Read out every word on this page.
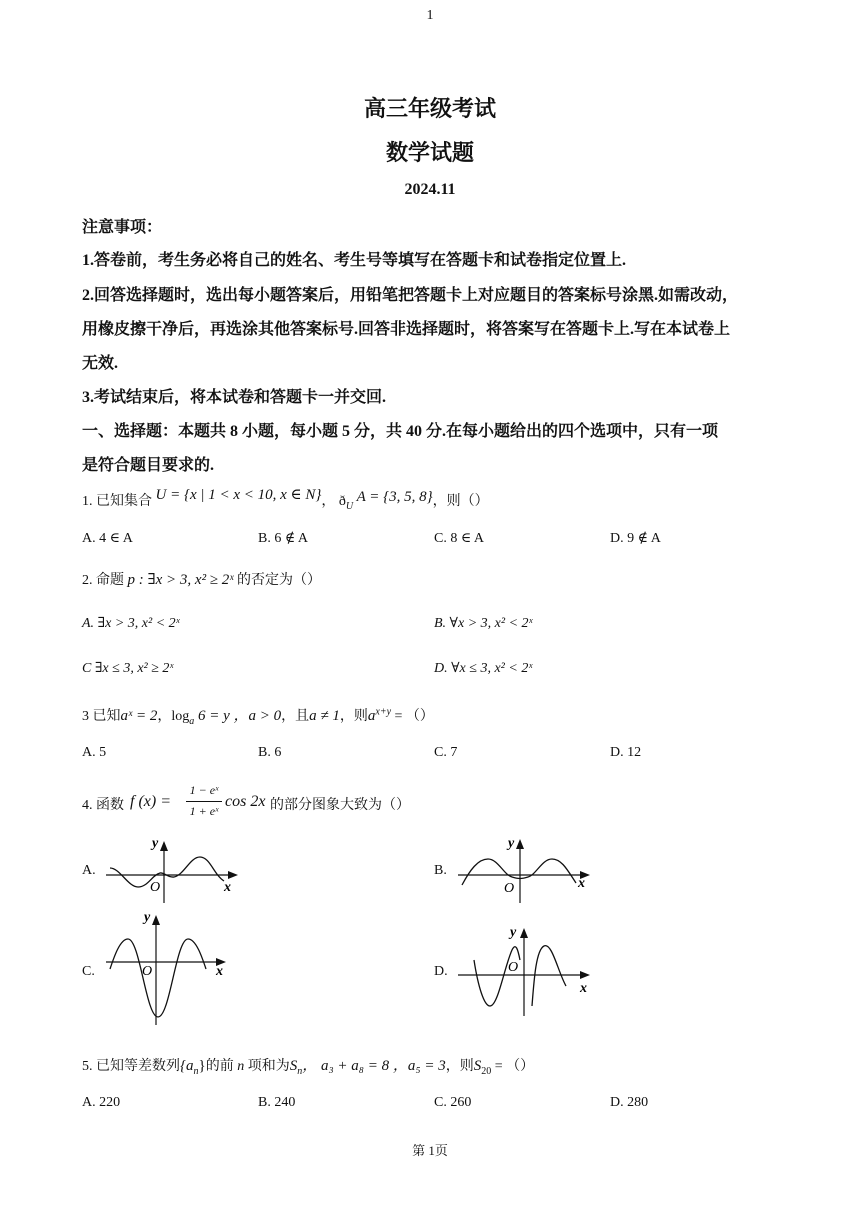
1
高三年级考试
数学试题
2024.11
注意事项：
1.答卷前，考生务必将自己的姓名、考生号等填写在答题卡和试卷指定位置上.
2.回答选择题时，选出每小题答案后，用铅笔把答题卡上对应题目的答案标号涂黑.如需改动，
用橡皮擦干净后，再选涂其他答案标号.回答非选择题时，将答案写在答题卡上.写在本试卷上
无效.
3.考试结束后，将本试卷和答题卡一并交回.
一、选择题：本题共 8 小题，每小题 5 分，共 40 分.在每小题给出的四个选项中，只有一项
是符合题目要求的.
1. 已知集合 U = {x | 1 < x < 10, x ∈ N}， $ð_U$ A = {3, 5, 8}，则（）
A. 4 ∈ A	B. 6 ∉ A	C. 8 ∈ A	D. 9 ∉ A
2. 命题 p : ∃x > 3, x² ≥ 2ˣ 的否定为（）
A. ∃x > 3, x² < 2ˣ	B. ∀x > 3, x² < 2ˣ
C ∃x ≤ 3, x² ≥ 2ˣ	D. ∀x ≤ 3, x² < 2ˣ
3 已知aˣ = 2，$\log_a 6 = y$ ，a > 0，且a ≠ 1，则$a^{x+y}$ = （）
A. 5	B. 6	C. 7	D. 12
4. 函数 f (x) =
1 − eˣ
1 + eˣ
cos 2x 的部分图象大致为（）
A.	B.
C.	D.
y
O	x
y
O	x
y
O	x
y
O
x
5. 已知等差数列$\{a_n\}$的前 n 项和为$S_n$， a₃ + a₈ = 8 ，a₅ = 3，则$S_{20}$ = （）
A. 220	B. 240	C. 260	D. 280
第 1页
